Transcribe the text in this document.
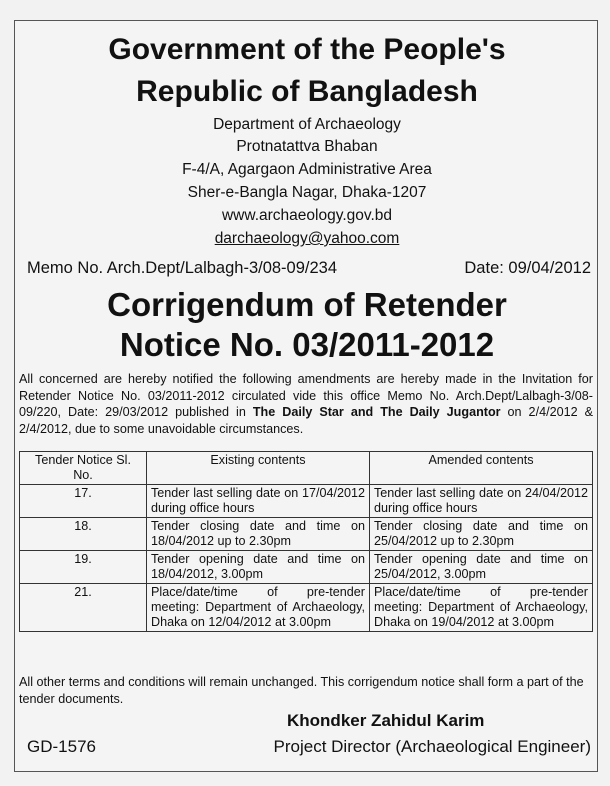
Government of the People's
Republic of Bangladesh
Department of Archaeology
Protnatattva Bhaban
F-4/A, Agargaon Administrative Area
Sher-e-Bangla Nagar, Dhaka-1207
www.archaeology.gov.bd
darchaeology@yahoo.com
Memo No. Arch.Dept/Lalbagh-3/08-09/234	Date: 09/04/2012
Corrigendum of Retender
Notice No. 03/2011-2012
All concerned are hereby notified the following amendments are hereby made in the Invitation for Retender Notice No. 03/2011-2012 circulated vide this office Memo No. Arch.Dept/Lalbagh-3/08-09/220, Date: 29/03/2012 published in The Daily Star and The Daily Jugantor on 2/4/2012 & 2/4/2012, due to some unavoidable circumstances.
Tender Notice Sl. No.	Existing contents	Amended contents
17.	Tender last selling date on 17/04/2012 during office hours	Tender last selling date on 24/04/2012 during office hours
18.	Tender closing date and time on 18/04/2012 up to 2.30pm	Tender closing date and time on 25/04/2012 up to 2.30pm
19.	Tender opening date and time on 18/04/2012, 3.00pm	Tender opening date and time on 25/04/2012, 3.00pm
21.	Place/date/time of pre-tender meeting: Department of Archaeology, Dhaka on 12/04/2012 at 3.00pm	Place/date/time of pre-tender meeting: Department of Archaeology, Dhaka on 19/04/2012 at 3.00pm
All other terms and conditions will remain unchanged. This corrigendum notice shall form a part of the tender documents.
Khondker Zahidul Karim
GD-1576	Project Director (Archaeological Engineer)
